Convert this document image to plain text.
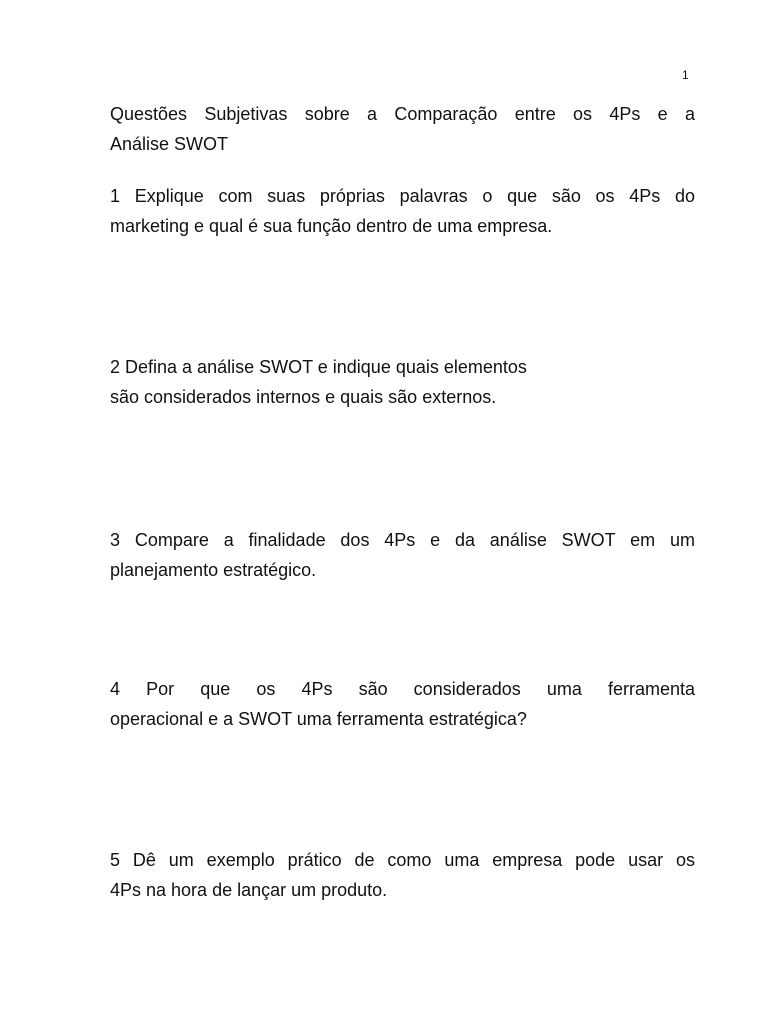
1
Questões Subjetivas sobre a Comparação entre os 4Ps e a
Análise SWOT
1 Explique com suas próprias palavras o que são os 4Ps do
marketing e qual é sua função dentro de uma empresa.
2 Defina a análise SWOT e indique quais elementos
são considerados internos e quais são externos.
3 Compare a finalidade dos 4Ps e da análise SWOT em um
planejamento estratégico.
4 Por que os 4Ps são considerados uma ferramenta
operacional e a SWOT uma ferramenta estratégica?
5 Dê um exemplo prático de como uma empresa pode usar os
4Ps na hora de lançar um produto.
